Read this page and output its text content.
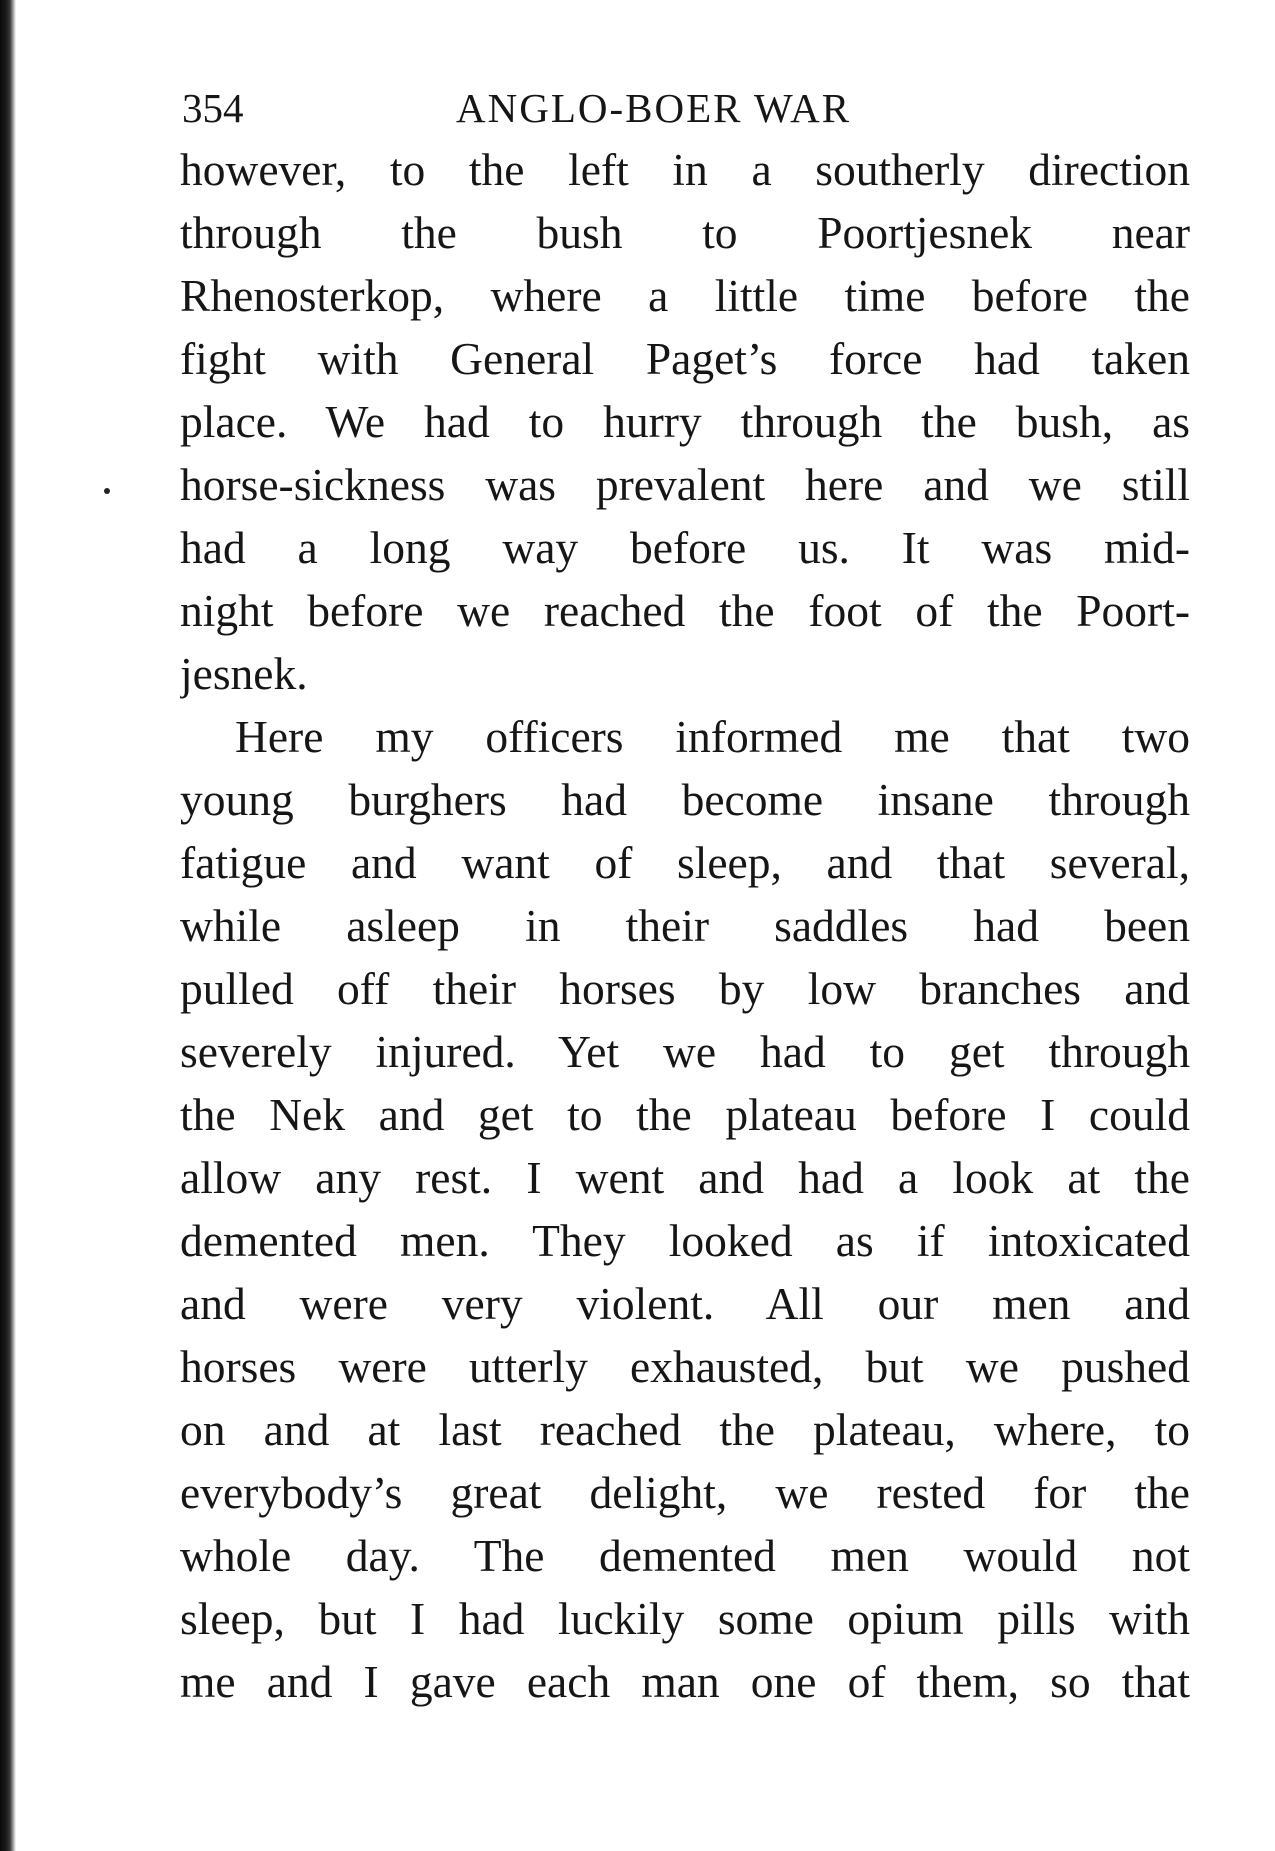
354	ANGLO-BOER WAR
however, to the left in a southerly direction
through the bush to Poortjesnek near
Rhenosterkop, where a little time before the
fight with General Paget’s force had taken
place. We had to hurry through the bush, as
horse-sickness was prevalent here and we still
had a long way before us. It was mid-
night before we reached the foot of the Poort-
jesnek.
Here my officers informed me that two
young burghers had become insane through
fatigue and want of sleep, and that several,
while asleep in their saddles had been
pulled off their horses by low branches and
severely injured. Yet we had to get through
the Nek and get to the plateau before I could
allow any rest. I went and had a look at the
demented men. They looked as if intoxicated
and were very violent. All our men and
horses were utterly exhausted, but we pushed
on and at last reached the plateau, where, to
everybody’s great delight, we rested for the
whole day. The demented men would not
sleep, but I had luckily some opium pills with
me and I gave each man one of them, so that
